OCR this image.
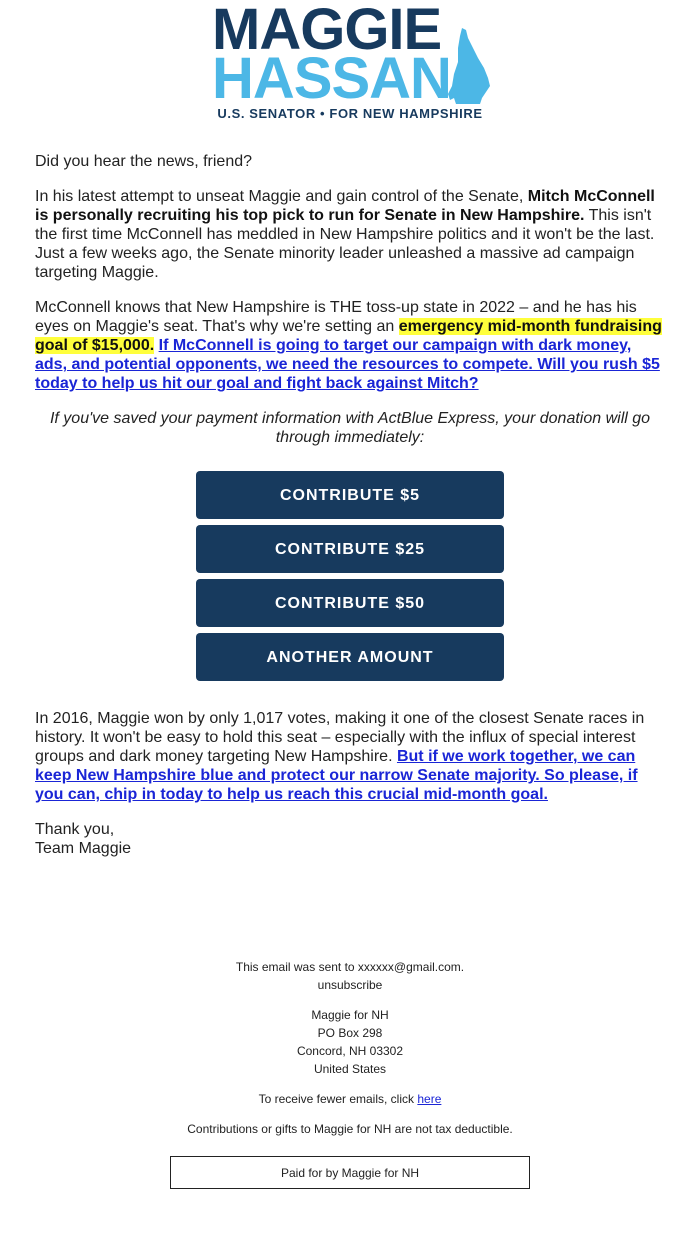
MAGGIE
HASSAN
U.S. SENATOR • FOR NEW HAMPSHIRE

Did you hear the news, friend?

In his latest attempt to unseat Maggie and gain control of the Senate, Mitch McConnell is personally recruiting his top pick to run for Senate in New Hampshire. This isn't the first time McConnell has meddled in New Hampshire politics and it won't be the last. Just a few weeks ago, the Senate minority leader unleashed a massive ad campaign targeting Maggie.

McConnell knows that New Hampshire is THE toss-up state in 2022 – and he has his eyes on Maggie's seat. That's why we're setting an emergency mid-month fundraising goal of $15,000. If McConnell is going to target our campaign with dark money, ads, and potential opponents, we need the resources to compete. Will you rush $5 today to help us hit our goal and fight back against Mitch?

If you've saved your payment information with ActBlue Express, your donation will go through immediately:

CONTRIBUTE $5
CONTRIBUTE $25
CONTRIBUTE $50
ANOTHER AMOUNT

In 2016, Maggie won by only 1,017 votes, making it one of the closest Senate races in history. It won't be easy to hold this seat – especially with the influx of special interest groups and dark money targeting New Hampshire. But if we work together, we can keep New Hampshire blue and protect our narrow Senate majority. So please, if you can, chip in today to help us reach this crucial mid-month goal.

Thank you,
Team Maggie

This email was sent to xxxxxx@gmail.com.
unsubscribe

Maggie for NH
PO Box 298
Concord, NH 03302
United States

To receive fewer emails, click here

Contributions or gifts to Maggie for NH are not tax deductible.

Paid for by Maggie for NH
